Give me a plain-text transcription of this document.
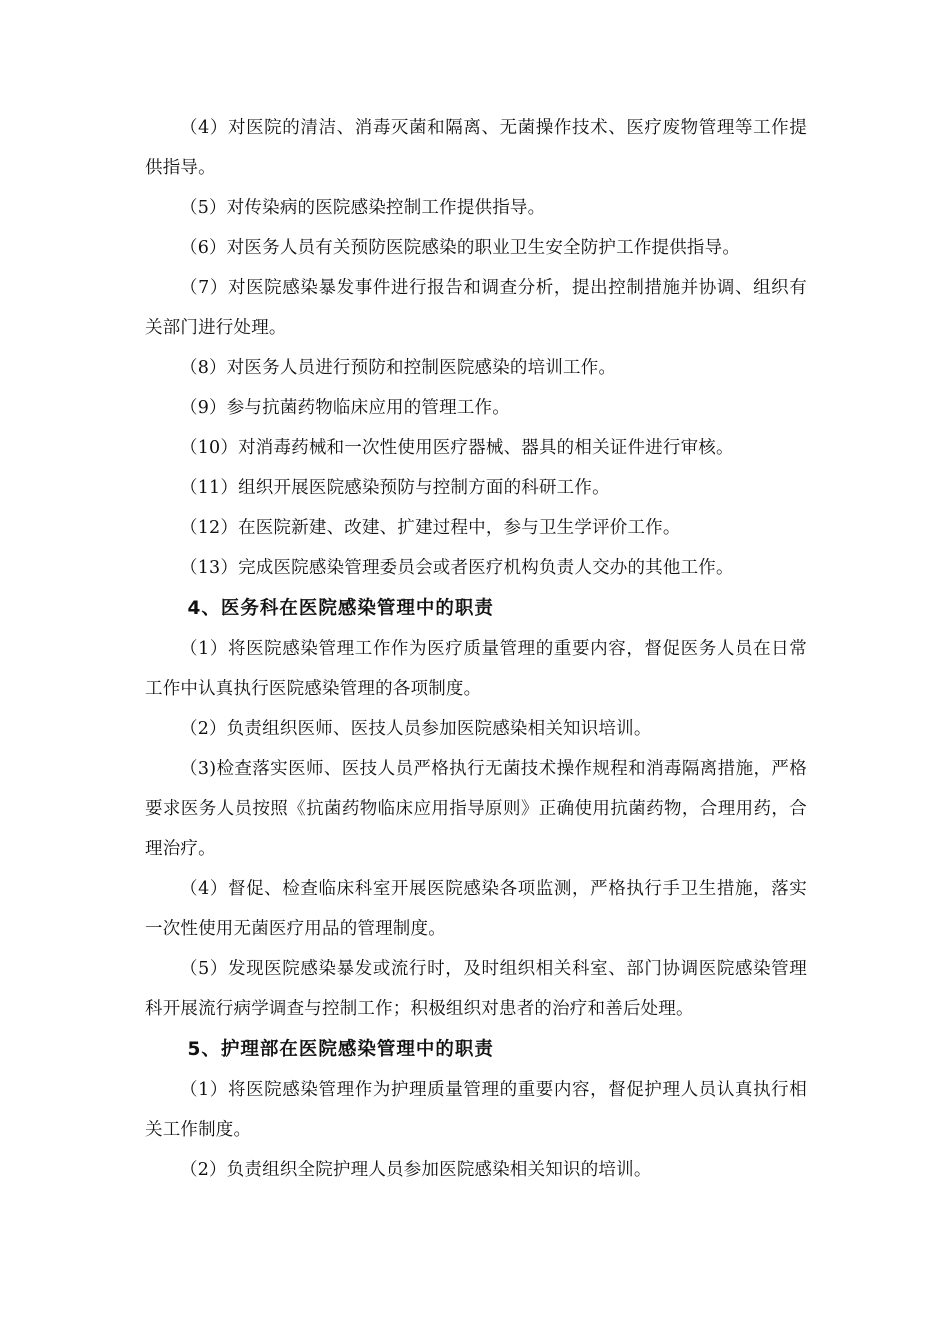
（4）对医院的清洁、消毒灭菌和隔离、无菌操作技术、医疗废物管理等工作提供指导。

（5）对传染病的医院感染控制工作提供指导。

（6）对医务人员有关预防医院感染的职业卫生安全防护工作提供指导。

（7）对医院感染暴发事件进行报告和调查分析，提出控制措施并协调、组织有关部门进行处理。

（8）对医务人员进行预防和控制医院感染的培训工作。

（9）参与抗菌药物临床应用的管理工作。

（10）对消毒药械和一次性使用医疗器械、器具的相关证件进行审核。

（11）组织开展医院感染预防与控制方面的科研工作。

（12）在医院新建、改建、扩建过程中，参与卫生学评价工作。

（13）完成医院感染管理委员会或者医疗机构负责人交办的其他工作。

4、医务科在医院感染管理中的职责

（1）将医院感染管理工作作为医疗质量管理的重要内容，督促医务人员在日常工作中认真执行医院感染管理的各项制度。

（2）负责组织医师、医技人员参加医院感染相关知识培训。

（3)检查落实医师、医技人员严格执行无菌技术操作规程和消毒隔离措施，严格要求医务人员按照《抗菌药物临床应用指导原则》正确使用抗菌药物，合理用药，合理治疗。

（4）督促、检查临床科室开展医院感染各项监测，严格执行手卫生措施，落实一次性使用无菌医疗用品的管理制度。

（5）发现医院感染暴发或流行时，及时组织相关科室、部门协调医院感染管理科开展流行病学调查与控制工作；积极组织对患者的治疗和善后处理。

5、护理部在医院感染管理中的职责

（1）将医院感染管理作为护理质量管理的重要内容，督促护理人员认真执行相关工作制度。

（2）负责组织全院护理人员参加医院感染相关知识的培训。
